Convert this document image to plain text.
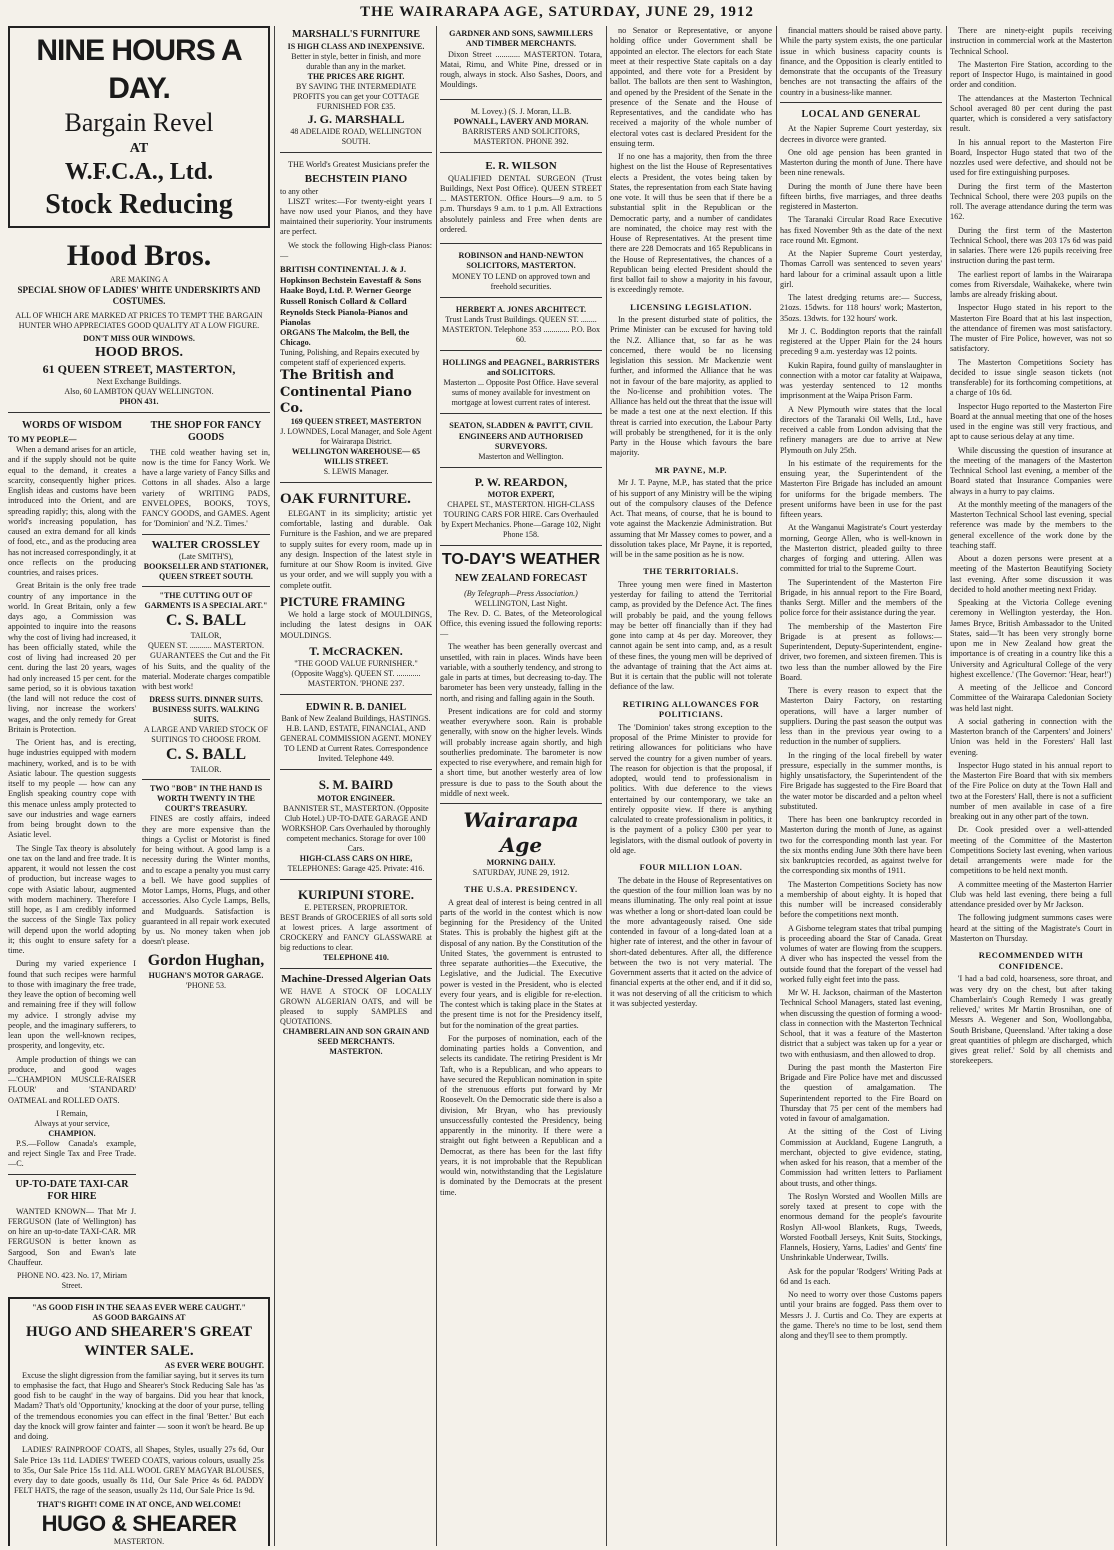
THE WAIRARAPA AGE, SATURDAY, JUNE 29, 1912
NINE HOURS A DAY.
Bargain Revel
AT
W.F.C.A., Ltd.
Stock Reducing
Hood Bros.
ARE MAKING A
SPECIAL SHOW OF LADIES' WHITE UNDERSKIRTS AND COSTUMES.
ALL OF WHICH ARE MARKED AT PRICES TO TEMPT THE BARGAIN HUNTER WHO APPRECIATES GOOD QUALITY AT A LOW FIGURE.
DON'T MISS OUR WINDOWS.
HOOD BROS.
61 QUEEN STREET, MASTERTON,
Next Exchange Buildings.
Also, 60 LAMBTON QUAY WELLINGTON.
PHON 431.
WORDS OF WISDOM
TO MY PEOPLE—

When a demand arises for an article, and if the supply should not be quite equal to the demand, it creates a scarcity, consequently higher prices. English ideas and customs have been introduced into the Orient, and are spreading rapidly; this, along with the world's increasing population, has caused an extra demand for all kinds of food, etc., and as the producing area has not increased correspondingly, it at once reflects on the producing countries, and raises prices.

Great Britain is the only free trade country of any importance in the world. In Great Britain, only a few days ago, a Commission was appointed to inquire into the reasons why the cost of living had increased, it has been officially stated, while the cost of living had increased 20 per cent. during the last 20 years, wages had only increased 15 per cent. for the same period, so it is obvious taxation (the land will not reduce the cost of living, nor increase the workers' wages, and the only remedy for Great Britain is Protection.

The Orient has, and is erecting, huge industries equipped with modern machinery, worked, and is to be with Asiatic labour. The question suggests itself to my people — how can any English speaking country cope with this menace unless amply protected to save our industries and wage earners from being brought down to the Asiatic level.

The Single Tax theory is absolutely one tax on the land and free trade. It is apparent, it would not lessen the cost of production, but increase wages to cope with Asiatic labour, augmented with modern machinery. Therefore I still hope, as I am credibly informed the success of the Single Tax policy will depend upon the world adopting it; this ought to ensure safety for a time.

During my varied experience I found that such recipes were harmful to those with imaginary the free trade, they leave the option of becoming well and remaining free if they will follow my advice. I strongly advise my people, and the imaginary sufferers, to lean upon the well-known recipes, prosperity, and longevity, etc.

Ample production of things we can produce, and good wages—'CHAMPION MUSCLE-RAISER FLOUR' and 'STANDARD' OATMEAL and ROLLED OATS.

I Remain,
Always at your service,
CHAMPION.

P.S.—Follow Canada's example, and reject Single Tax and Free Trade.—C.

UP-TO-DATE TAXI-CAR FOR HIRE

WANTED KNOWN— That Mr J. FERGUSON (late of Wellington) has on hire an up-to-date TAXI-CAR. MR FERGUSON is better known as Sargood, Son and Ewan's late Chauffeur.

PHONE NO. 423. No. 17, Miriam Street.
THE SHOP FOR FANCY GOODS

THE cold weather having set in, now is the time for Fancy Work. We have a large variety of Fancy Silks and Cottons in all shades. Also a large variety of WRITING PADS, ENVELOPES, BOOKS, TOYS, FANCY GOODS, and GAMES. Agent for 'Dominion' and 'N.Z. Times.'

WALTER CROSSLEY
(Late SMITH'S),
BOOKSELLER AND STATIONER, QUEEN STREET SOUTH.
"THE CUTTING OUT OF GARMENTS IS A SPECIAL ART."
C. S. BALL
TAILOR,
QUEEN ST. ........... MASTERTON.

GUARANTEES the Cut and the Fit of his Suits, and the quality of the material. Moderate charges compatible with best work!

DRESS SUITS. DINNER SUITS. BUSINESS SUITS. WALKING SUITS.
A LARGE AND VARIED STOCK OF SUITINGS TO CHOOSE FROM.
C. S. BALL
TAILOR.
TWO "BOB" IN THE HAND IS WORTH TWENTY IN THE COURT'S TREASURY.

FINES are costly affairs, indeed they are more expensive than the things a Cyclist or Motorist is fined for being without. A good lamp is a necessity during the Winter months, and to escape a penalty you must carry a bell. We have good supplies of Motor Lamps, Horns, Plugs, and other accessories. Also Cycle Lamps, Bells, and Mudguards. Satisfaction is guaranteed in all repair work executed by us. No money taken when job doesn't please.

Gordon Hughan,
HUGHAN'S MOTOR GARAGE.
'PHONE 53.
"AS GOOD FISH IN THE SEA AS EVER WERE CAUGHT."
AS GOOD BARGAINS AT
HUGO AND SHEARER'S GREAT WINTER SALE.
AS EVER WERE BOUGHT.

Excuse the slight digression from the familiar saying, but it serves its turn to emphasise the fact, that Hugo and Shearer's Stock Reducing Sale has 'as good fish to be caught' in the way of bargains. Did you hear that knock, Madam? That's old 'Opportunity,' knocking at the door of your purse, telling of the tremendous economies you can effect in the final 'Better.' But each day the knock will grow fainter and fainter — soon it won't be heard. Be up and doing.

LADIES' RAINPROOF COATS, all Shapes, Styles, usually 27s 6d, Our Sale Price 13s 11d. LADIES' TWEED COATS, various colours, usually 25s to 35s, Our Sale Price 15s 11d. ALL WOOL GREY MAGYAR BLOUSES, every day to date goods, usually 8s 11d, Our Sale Price 4s 6d. PADDY FELT HATS, the rage of the season, usually 2s 11d, Our Sale Price 1s 9d.

THAT'S RIGHT! COME IN AT ONCE, AND WELCOME!
HUGO & SHEARER
MASTERTON.
MARSHALL'S FURNITURE
IS HIGH CLASS AND INEXPENSIVE.
Better in style, better in finish, and more durable than any in the market.
THE PRICES ARE RIGHT.
BY SAVING THE INTERMEDIATE PROFITS you can get your COTTAGE FURNISHED FOR £35.
J. G. MARSHALL
48 ADELAIDE ROAD, WELLINGTON SOUTH.

THE World's Greatest Musicians prefer the

BECHSTEIN PIANO
to any other

LISZT writes:—For twenty-eight years I have now used your Pianos, and they have maintained their superiority. Your instruments are perfect.

We stock the following High-class Pianos:—

BRITISH CONTINENTAL J. & J. Hopkinson Bechstein Eavestaff & Sons Haake Boyd, Ltd. P. Werner George Russell Ronisch Collard & Collard Reynolds Steck Pianola-Pianos and Pianolas
ORGANS The Malcolm, the Bell, the Chicago.
Tuning, Polishing, and Repairs executed by competent staff of experienced experts.
The British and Continental Piano Co.
169 QUEEN STREET, MASTERTON
J. LOWNDES, Local Manager, and Sole Agent for Wairarapa District.
WELLINGTON WAREHOUSE— 65 WILLIS STREET.
S. LEWIS Manager.
OAK FURNITURE.

ELEGANT in its simplicity; artistic yet comfortable, lasting and durable. Oak Furniture is the Fashion, and we are prepared to supply suites for every room, made up in any design. Inspection of the latest style in furniture at our Show Room is invited. Give us your order, and we will supply you with a complete outfit.

PICTURE FRAMING

We hold a large stock of MOULDINGS, including the latest designs in OAK MOULDINGS.

T. McCRACKEN.
"THE GOOD VALUE FURNISHER."
(Opposite Wagg's). QUEEN ST. ............ MASTERTON. 'PHONE 237.
EDWIN R. B. DANIEL
Bank of New Zealand Buildings, HASTINGS. H.B. LAND, ESTATE, FINANCIAL, AND GENERAL COMMISSION AGENT. MONEY TO LEND at Current Rates. Correspondence Invited. Telephone 449.
S. M. BAIRD
MOTOR ENGINEER.
BANNISTER ST., MASTERTON. (Opposite Club Hotel.) UP-TO-DATE GARAGE AND WORKSHOP. Cars Overhauled by thoroughly competent mechanics. Storage for over 100 Cars.
HIGH-CLASS CARS ON HIRE,
TELEPHONES: Garage 425. Private: 416.
KURIPUNI STORE.
E. PETERSEN, PROPRIETOR.
BEST Brands of GROCERIES of all sorts sold at lowest prices. A large assortment of CROCKERY and FANCY GLASSWARE at big reductions to clear.
TELEPHONE 410.
Machine-Dressed Algerian Oats
WE HAVE A STOCK OF LOCALLY GROWN ALGERIAN OATS, and will be pleased to supply SAMPLES and QUOTATIONS.
CHAMBERLAIN AND SON GRAIN AND SEED MERCHANTS.
MASTERTON.
GARDNER AND SONS, SAWMILLERS AND TIMBER MERCHANTS.

Dixon Street ............ MASTERTON. Totara, Matai, Rimu, and White Pine, dressed or in rough, always in stock. Also Sashes, Doors, and Mouldings.

M. Lovey.) (S. J. Moran, LL.B.
POWNALL, LAVERY AND MORAN.
BARRISTERS AND SOLICITORS, MASTERTON. PHONE 392.
E. R. WILSON

QUALIFIED DENTAL SURGEON (Trust Buildings, Next Post Office). QUEEN STREET ... MASTERTON. Office Hours—9 a.m. to 5 p.m. Thursdays 9 a.m. to 1 p.m. All Extractions absolutely painless and Free when dents are ordered.

ROBINSON and HAND-NEWTON SOLICITORS, MASTERTON.
MONEY TO LEND on approved town and freehold securities.
HERBERT A. JONES ARCHITECT.
Trust Lands Trust Buildings. QUEEN ST. ........ MASTERTON. Telephone 353 ............. P.O. Box 60.
HOLLINGS and PEAGNEL, BARRISTERS and SOLICITORS.
Masterton ... Opposite Post Office. Have several sums of money available for investment on mortgage at lowest current rates of interest.
SEATON, SLADDEN & PAVITT, CIVIL ENGINEERS AND AUTHORISED SURVEYORS.
Masterton and Wellington.
P. W. REARDON,
MOTOR EXPERT,
CHAPEL ST., MASTERTON. HIGH-CLASS TOURING CARS FOR HIRE. Cars Overhauled by Expert Mechanics. Phone—Garage 102, Night Phone 158.
TO-DAY'S WEATHER
NEW ZEALAND FORECAST
(By Telegraph—Press Association.)
WELLINGTON, Last Night.

The Rev. D. C. Bates, of the Meteorological Office, this evening issued the following reports:—

The weather has been generally overcast and unsettled, with rain in places. Winds have been variable, with a southerly tendency, and strong to gale in parts at times, but decreasing to-day. The barometer has been very unsteady, falling in the north, and rising and falling again in the South.

Present indications are for cold and stormy weather everywhere soon. Rain is probable generally, with snow on the higher levels. Winds will probably increase again shortly, and high southerlies predominate. The barometer is now expected to rise everywhere, and remain high for a short time, but another westerly area of low pressure is due to pass to the South about the middle of next week.

Wairarapa Age
MORNING DAILY.
SATURDAY, JUNE 29, 1912.
THE U.S.A. PRESIDENCY.

A great deal of interest is being centred in all parts of the world in the contest which is now beginning for the Presidency of the United States. This is probably the highest gift at the disposal of any nation. By the Constitution of the United States, 'the government is entrusted to three separate authorities—the Executive, the Legislative, and the Judicial. The Executive power is vested in the President, who is elected every four years, and is eligible for re-election. The contest which is taking place in the States at the present time is not for the Presidency itself, but for the nomination of the great parties.

For the purposes of nomination, each of the dominating parties holds a Convention, and selects its candidate. The retiring President is Mr Taft, who is a Republican, and who appears to have secured the Republican nomination in spite of the strenuous efforts put forward by Mr Roosevelt. On the Democratic side there is also a division, Mr Bryan, who has previously unsuccessfully contested the Presidency, being apparently in the minority. If there were a straight out fight between a Republican and a Democrat, as there has been for the last fifty years, it is not improbable that the Republican would win, notwithstanding that the Legislature is dominated by the Democrats at the present time.

no Senator or Representative, or anyone holding office under Government shall be appointed an elector. The electors for each State meet at their respective State capitals on a day appointed, and there vote for a President by ballot. The ballots are then sent to Washington, and opened by the President of the Senate in the presence of the Senate and the House of Representatives, and the candidate who has received a majority of the whole number of electoral votes cast is declared President for the ensuing term.

If no one has a majority, then from the three highest on the list the House of Representatives elects a President, the votes being taken by States, the representation from each State having one vote. It will thus be seen that if there be a substantial split in the Republican or the Democratic party, and a number of candidates are nominated, the choice may rest with the House of Representatives. At the present time there are 228 Democrats and 165 Republicans in the House of Representatives, the chances of a Republican being elected President should the first ballot fail to show a majority in his favour, is exceedingly remote.

LICENSING LEGISLATION.

In the present disturbed state of politics, the Prime Minister can be excused for having told the N.Z. Alliance that, so far as he was concerned, there would be no licensing legislation this session. Mr Mackenzie went further, and informed the Alliance that he was not in favour of the bare majority, as applied to the No-license and prohibition votes. The Alliance has held out the threat that the issue will be made a test one at the next election. If this threat is carried into execution, the Labour Party will probably be strengthened, for it is the only Party in the House which favours the bare majority.

MR PAYNE, M.P.

Mr J. T. Payne, M.P., has stated that the price of his support of any Ministry will be the wiping out of the compulsory clauses of the Defence Act. That means, of course, that he is bound to vote against the Mackenzie Administration. But assuming that Mr Massey comes to power, and a dissolution takes place, Mr Payne, it is reported, will be in the same position as he is now.

THE TERRITORIALS.

Three young men were fined in Masterton yesterday for failing to attend the Territorial camp, as provided by the Defence Act. The fines will probably be paid, and the young fellows may be better off financially than if they had gone into camp at 4s per day. Moreover, they cannot again be sent into camp, and, as a result of these fines, the young men will be deprived of the advantage of training that the Act aims at. But it is certain that the public will not tolerate defiance of the law.

RETIRING ALLOWANCES FOR POLITICIANS.

The 'Dominion' takes strong exception to the proposal of the Prime Minister to provide for retiring allowances for politicians who have served the country for a given number of years. The reason for objection is that the proposal, if adopted, would tend to professionalism in politics. With due deference to the views entertained by our contemporary, we take an entirely opposite view. If there is anything calculated to create professionalism in politics, it is the payment of a policy £300 per year to legislators, with the dismal outlook of poverty in old age.

FOUR MILLION LOAN.

The debate in the House of Representatives on the question of the four million loan was by no means illuminating. The only real point at issue was whether a long or short-dated loan could be the more advantageously raised. One side contended in favour of a long-dated loan at a higher rate of interest, and the other in favour of short-dated debentures. After all, the difference between the two is not very material. The Government asserts that it acted on the advice of financial experts at the other end, and if it did so, it was not deserving of all the criticism to which it was subjected yesterday.

financial matters should be raised above party. While the party system exists, the one particular issue in which business capacity counts is finance, and the Opposition is clearly entitled to demonstrate that the occupants of the Treasury benches are not transacting the affairs of the country in a business-like manner.

LOCAL AND GENERAL

At the Napier Supreme Court yesterday, six decrees in divorce were granted.

One old age pension has been granted in Masterton during the month of June. There have been nine renewals.

During the month of June there have been fifteen births, five marriages, and three deaths registered in Masterton.

The Taranaki Circular Road Race Executive has fixed November 9th as the date of the next race round Mt. Egmont.

At the Napier Supreme Court yesterday, Thomas Carroll was sentenced to seven years' hard labour for a criminal assault upon a little girl.

The latest dredging returns are:— Success, 21ozs. 15dwts. for 118 hours' work; Masterton, 35ozs. 13dwts. for 132 hours' work.

Mr J. C. Boddington reports that the rainfall registered at the Upper Plain for the 24 hours preceding 9 a.m. yesterday was 12 points.

Kukin Rapira, found guilty of manslaughter in connection with a motor car fatality at Waipawa, was yesterday sentenced to 12 months imprisonment at the Waipa Prison Farm.

A New Plymouth wire states that the local directors of the Taranaki Oil Wells, Ltd., have received a cable from London advising that the refinery managers are due to arrive at New Plymouth on July 25th.

In his estimate of the requirements for the ensuing year, the Superintendent of the Masterton Fire Brigade has included an amount for uniforms for the brigade members. The present uniforms have been in use for the past fifteen years.

At the Wanganui Magistrate's Court yesterday morning, George Allen, who is well-known in the Masterton district, pleaded guilty to three charges of forging and uttering. Allen was committed for trial to the Supreme Court.

The Superintendent of the Masterton Fire Brigade, in his annual report to the Fire Board, thanks Sergt. Miller and the members of the police force for their assistance during the year.

The membership of the Masterton Fire Brigade is at present as follows:—Superintendent, Deputy-Superintendent, engine-driver, two foremen, and sixteen firemen. This is two less than the number allowed by the Fire Board.

There is every reason to expect that the Masterton Dairy Factory, on restarting operations, will have a larger number of suppliers. During the past season the output was less than in the previous year owing to a reduction in the number of suppliers.

In the ringing of the local firebell by water pressure, especially in the summer months, is highly unsatisfactory, the Superintendent of the Fire Brigade has suggested to the Fire Board that the water motor be discarded and a pelton wheel substituted.

There has been one bankruptcy recorded in Masterton during the month of June, as against two for the corresponding month last year. For the six months ending June 30th there have been six bankruptcies recorded, as against twelve for the corresponding six months of 1911.

The Masterton Competitions Society has now a membership of about eighty. It is hoped that this number will be increased considerably before the competitions next month.

A Gisborne telegram states that tribal pumping is proceeding aboard the Star of Canada. Great volumes of water are flowing from the scuppers. A diver who has inspected the vessel from the outside found that the forepart of the vessel had worked fully eight feet into the pass.

Mr W. H. Jackson, chairman of the Masterton Technical School Managers, stated last evening, when discussing the question of forming a wood-class in connection with the Masterton Technical School, that it was a feature of the Masterton district that a subject was taken up for a year or two with enthusiasm, and then allowed to drop.

During the past month the Masterton Fire Brigade and Fire Police have met and discussed the question of amalgamation. The Superintendent reported to the Fire Board on Thursday that 75 per cent of the members had voted in favour of amalgamation.

At the sitting of the Cost of Living Commission at Auckland, Eugene Langruth, a merchant, objected to give evidence, stating, when asked for his reason, that a member of the Commission had written letters to Parliament about trusts, and other things.

The Roslyn Worsted and Woollen Mills are sorely taxed at present to cope with the enormous demand for the people's favourite Roslyn All-wool Blankets, Rugs, Tweeds, Worsted Football Jerseys, Knit Suits, Stockings, Flannels, Hosiery, Yarns, Ladies' and Gents' fine Unshrinkable Underwear, Twills.

Ask for the popular 'Rodgers' Writing Pads at 6d and 1s each.

No need to worry over those Customs papers until your brains are fogged. Pass them over to Messrs J. J. Curtis and Co. They are experts at the game. There's no time to be lost, send them along and they'll see to them promptly.

There are ninety-eight pupils receiving instruction in commercial work at the Masterton Technical School.

The Masterton Fire Station, according to the report of Inspector Hugo, is maintained in good order and condition.

The attendances at the Masterton Technical School averaged 80 per cent during the past quarter, which is considered a very satisfactory result.

In his annual report to the Masterton Fire Board, Inspector Hugo stated that two of the nozzles used were defective, and should not be used for fire extinguishing purposes.

During the first term of the Masterton Technical School, there were 203 pupils on the roll. The average attendance during the term was 162.

During the first term of the Masterton Technical School, there was 203 17s 6d was paid in salaries. There were 126 pupils receiving free instruction during the past term.

The earliest report of lambs in the Wairarapa comes from Riversdale, Waihakeke, where twin lambs are already frisking about.

Inspector Hugo stated in his report to the Masterton Fire Board that at his last inspection, the attendance of firemen was most satisfactory. The muster of Fire Police, however, was not so satisfactory.

The Masterton Competitions Society has decided to issue single season tickets (not transferable) for its forthcoming competitions, at a charge of 10s 6d.

Inspector Hugo reported to the Masterton Fire Board at the annual meeting that one of the hoses used in the engine was still very fractious, and apt to cause serious delay at any time.

While discussing the question of insurance at the meeting of the managers of the Masterton Technical School last evening, a member of the Board stated that Insurance Companies were always in a hurry to pay claims.

At the monthly meeting of the managers of the Masterton Technical School last evening, special reference was made by the members to the general excellence of the work done by the teaching staff.

About a dozen persons were present at a meeting of the Masterton Beautifying Society last evening. After some discussion it was decided to hold another meeting next Friday.

Speaking at the Victoria College evening ceremony in Wellington yesterday, the Hon. James Bryce, British Ambassador to the United States, said—'It has been very strongly borne upon me in New Zealand how great the importance is of creating in a country like this a University and Agricultural College of the very highest excellence.' (The Governor: 'Hear, hear!')

A meeting of the Jellicoe and Concord Committee of the Wairarapa Caledonian Society was held last night.

A social gathering in connection with the Masterton branch of the Carpenters' and Joiners' Union was held in the Foresters' Hall last evening.

Inspector Hugo stated in his annual report to the Masterton Fire Board that with six members of the Fire Police on duty at the Town Hall and two at the Foresters' Hall, there is not a sufficient number of men available in case of a fire breaking out in any other part of the town.

Dr. Cook presided over a well-attended meeting of the Committee of the Masterton Competitions Society last evening, when various detail arrangements were made for the competitions to be held next month.

A committee meeting of the Masterton Harrier Club was held last evening, there being a full attendance presided over by Mr Jackson.

The following judgment summons cases were heard at the sitting of the Magistrate's Court in Masterton on Thursday.

RECOMMENDED WITH CONFIDENCE.

'I had a bad cold, hoarseness, sore throat, and was very dry on the chest, but after taking Chamberlain's Cough Remedy I was greatly relieved,' writes Mr Martin Brosnihan, one of Messrs A. Wegener and Son, Woollongabba, South Brisbane, Queensland. 'After taking a dose great quantities of phlegm are discharged, which gives great relief.' Sold by all chemists and storekeepers.
